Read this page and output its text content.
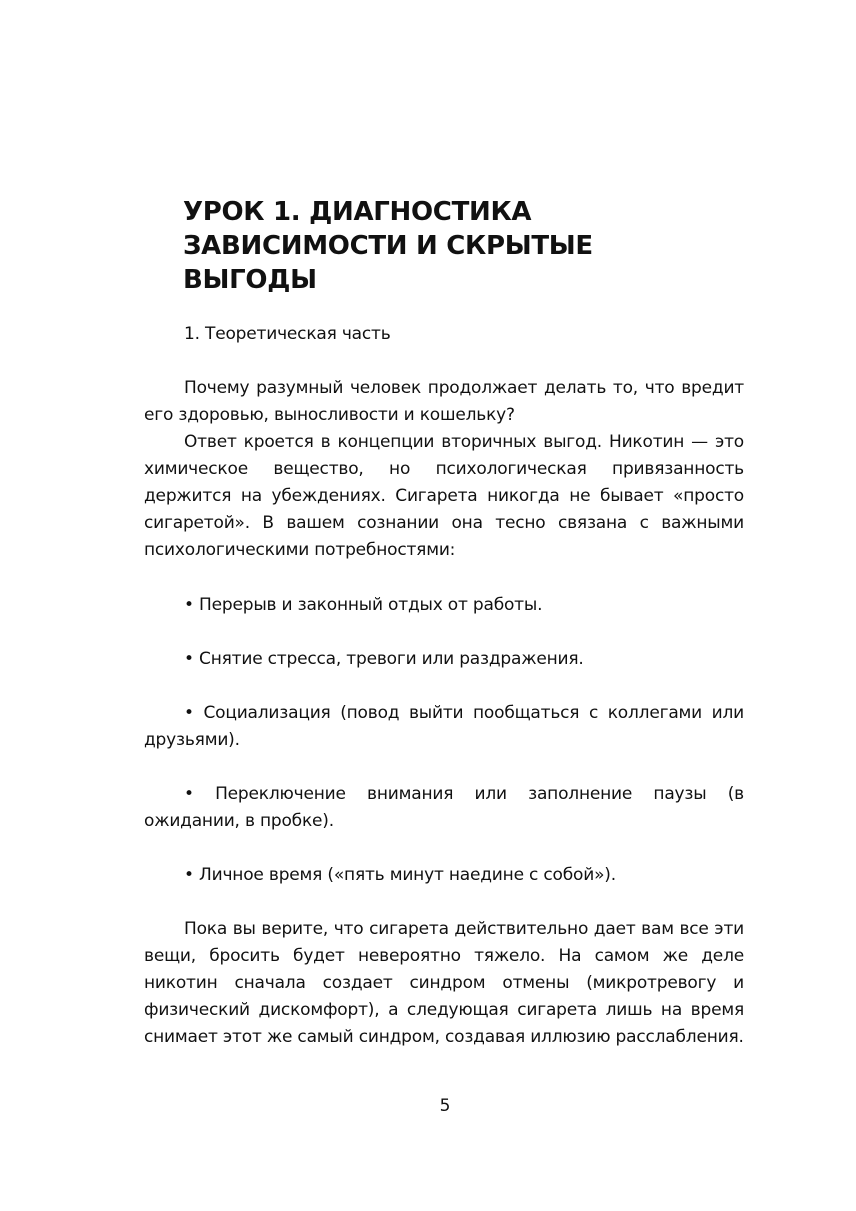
УРОК 1. ДИАГНОСТИКА
ЗАВИСИМОСТИ И СКРЫТЫЕ
ВЫГОДЫ

1. Теоретическая часть

Почему разумный человек продолжает делать то, что вредит его здоровью, выносливости и кошельку?

Ответ кроется в концепции вторичных выгод. Никотин — это химическое вещество, но психологическая привязанность держится на убеждениях. Сигарета никогда не бывает «просто сигаретой». В вашем сознании она тесно связана с важными психологическими потребностями:

• Перерыв и законный отдых от работы.

• Снятие стресса, тревоги или раздражения.

• Социализация (повод выйти пообщаться с коллегами или друзьями).

• Переключение внимания или заполнение паузы (в ожидании, в пробке).

• Личное время («пять минут наедине с собой»).

Пока вы верите, что сигарета действительно дает вам все эти вещи, бросить будет невероятно тяжело. На самом же деле никотин сначала создает синдром отмены (микротревогу и физический дискомфорт), а следующая сигарета лишь на время снимает этот же самый синдром, создавая иллюзию расслабления.

5
